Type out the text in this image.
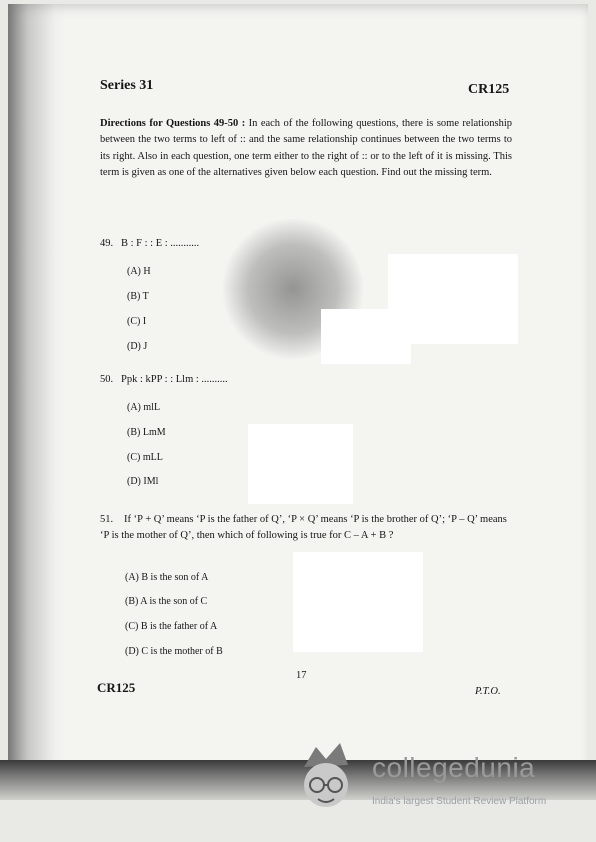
Series 31	CR125
Directions for Questions 49-50 : In each of the following questions, there is some relationship between the two terms to left of :: and the same relationship continues between the two terms to its right. Also in each question, one term either to the right of :: or to the left of it is missing. This term is given as one of the alternatives given below each question. Find out the missing term.
49. B : F : : E : ...........
(A) H
(B) T
(C) I
(D) J
50. Ppk : kPP : : Llm : ..........
(A) mlL
(B) LmM
(C) mLL
(D) IMl
51. If ‘P + Q’ means ‘P is the father of Q’, ‘P × Q’ means ‘P is the brother of Q’; ‘P – Q’ means ‘P is the mother of Q’, then which of following is true for C – A + B ?
(A) B is the son of A
(B) A is the son of C
(C) B is the father of A
(D) C is the mother of B
17
CR125	P.T.O.
collegedunia
India's largest Student Review Platform
